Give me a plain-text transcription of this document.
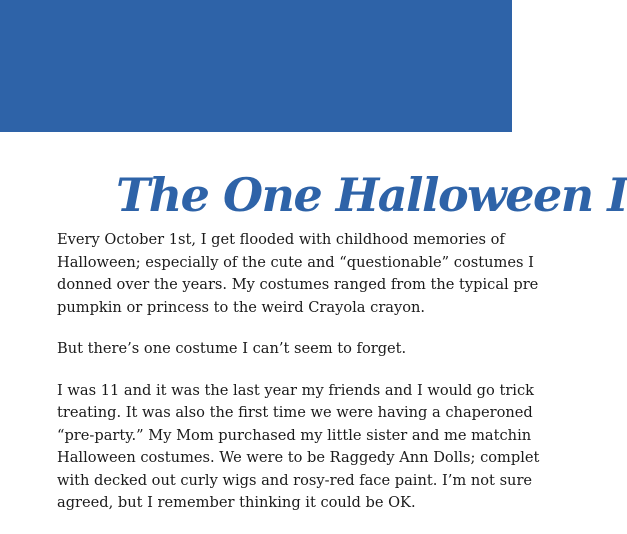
The One Halloween I

Every October 1st, I get flooded with childhood memories of
Halloween; especially of the cute and “questionable” costumes I
donned over the years. My costumes ranged from the typical pre
pumpkin or princess to the weird Crayola crayon.

But there’s one costume I can’t seem to forget.

I was 11 and it was the last year my friends and I would go trick
treating. It was also the first time we were having a chaperoned
“pre-party.” My Mom purchased my little sister and me matchin
Halloween costumes. We were to be Raggedy Ann Dolls; complet
with decked out curly wigs and rosy-red face paint. I’m not sure
agreed, but I remember thinking it could be OK.
